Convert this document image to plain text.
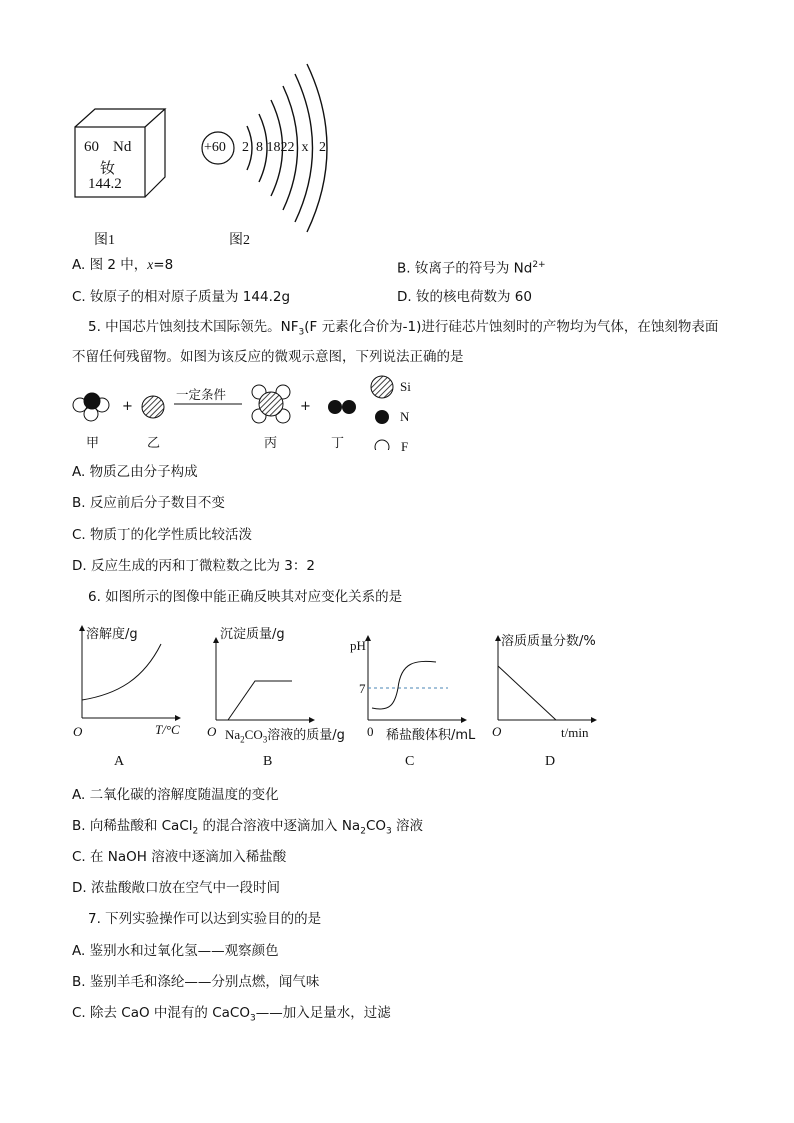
60 Nd
钕
144.2
图1
+60 2  8 1822  x   2
图2
A. 图 2 中，x=8	B. 钕离子的符号为 $Nd^{2+}$
C. 钕原子的相对原子质量为 144.2g	D. 钕的核电荷数为 60
5. 中国芯片蚀刻技术国际领先。$NF_3(F$ 元素化合价为-1)进行硅芯片蚀刻时的产物均为气体，在蚀刻物表面
不留任何残留物。如图为该反应的微观示意图，下列说法正确的是
+	+
一定条件
甲	乙	丙	丁
Si
N
F
A. 物质乙由分子构成
B. 反应前后分子数目不变
C. 物质丁的化学性质比较活泼
D. 反应生成的丙和丁微粒数之比为 3：2
6. 如图所示的图像中能正确反映其对应变化关系的是
溶解度/g
O	T/°C
A
沉淀质量/g
O $Na_2CO_3$溶液的质量/g
B
pH
7
0 稀盐酸体积/mL
C
溶质质量分数/%
O	t/min
D
A. 二氧化碳的溶解度随温度的变化
B. 向稀盐酸和 CaCl$_2$ 的混合溶液中逐滴加入 $Na_2CO_3$ 溶液
C. 在 NaOH 溶液中逐滴加入稀盐酸
D. 浓盐酸敞口放在空气中一段时间
7. 下列实验操作可以达到实验目的的是
A. 鉴别水和过氧化氢——观察颜色
B. 鉴别羊毛和涤纶——分别点燃，闻气味
C. 除去 CaO 中混有的 CaCO$_3$——加入足量水，过滤
